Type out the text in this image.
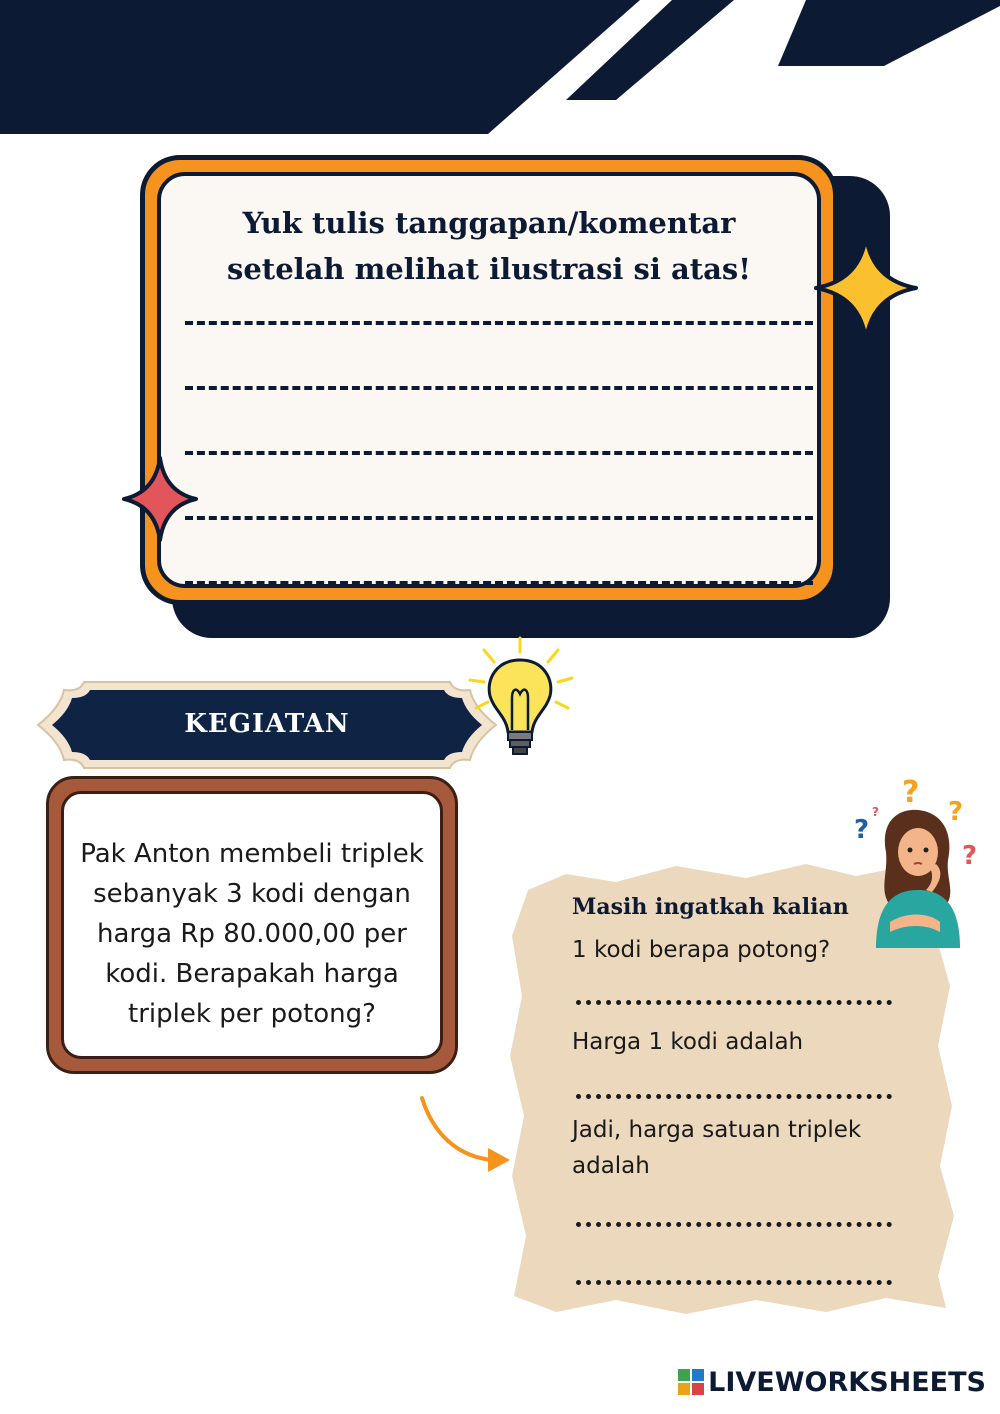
Yuk tulis tanggapan/komentar setelah melihat ilustrasi si atas!
KEGIATAN
Pak Anton membeli triplek sebanyak 3 kodi dengan harga Rp 80.000,00 per kodi. Berapakah harga triplek per potong?
Masih ingatkah kalian
1 kodi berapa potong?
Harga 1 kodi adalah
Jadi, harga satuan triplek adalah
?
?
?
?
?
LIVEWORKSHEETS
